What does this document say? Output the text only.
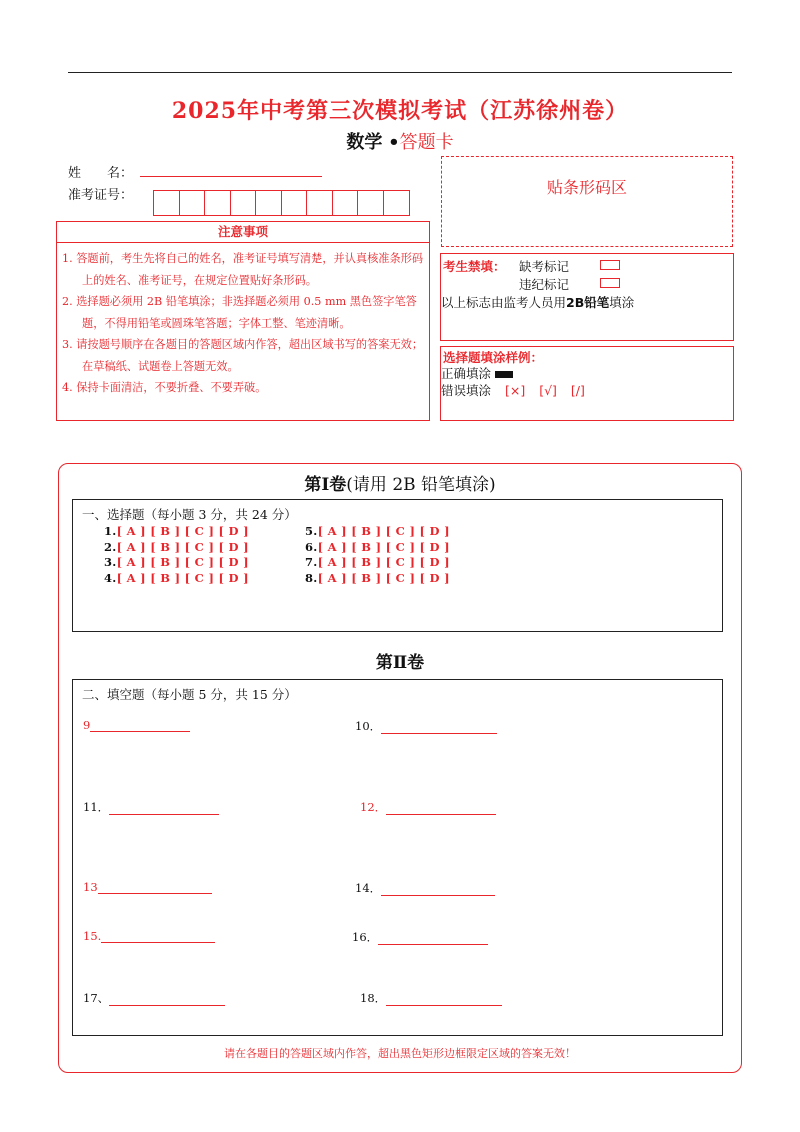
2025年中考第三次模拟考试（江苏徐州卷）
数学 •答题卡
姓　　名：
准考证号：
注意事项
1. 答题前，考生先将自己的姓名，准考证号填写清楚，并认真核准条形码上的姓名、准考证号，在规定位置贴好条形码。
2. 选择题必须用 2B 铅笔填涂；非选择题必须用 0.5 mm 黑色签字笔答题，不得用铅笔或圆珠笔答题；字体工整、笔迹清晰。
3. 请按题号顺序在各题目的答题区域内作答，超出区域书写的答案无效；在草稿纸、试题卷上答题无效。
4. 保持卡面清洁，不要折叠、不要弄破。
贴条形码区
考生禁填： 缺考标记
违纪标记
以上标志由监考人员用2B铅笔填涂
选择题填涂样例：
正确填涂
错误填涂 [×] [√] [/]
第Ⅰ卷(请用 2B 铅笔填涂)
一、选择题（每小题 3 分，共 24 分）
1.[ A ] [ B ] [ C ] [ D ]
2.[ A ] [ B ] [ C ] [ D ]
3.[ A ] [ B ] [ C ] [ D ]
4.[ A ] [ B ] [ C ] [ D ]
5.[ A ] [ B ] [ C ] [ D ]
6.[ A ] [ B ] [ C ] [ D ]
7.[ A ] [ B ] [ C ] [ D ]
8.[ A ] [ B ] [ C ] [ D ]
第Ⅱ卷
二、填空题（每小题 5 分，共 15 分）
9	10．
11．	12．
13	14．
15.	16．
17、	18．
请在各题目的答题区域内作答，超出黑色矩形边框限定区域的答案无效！
